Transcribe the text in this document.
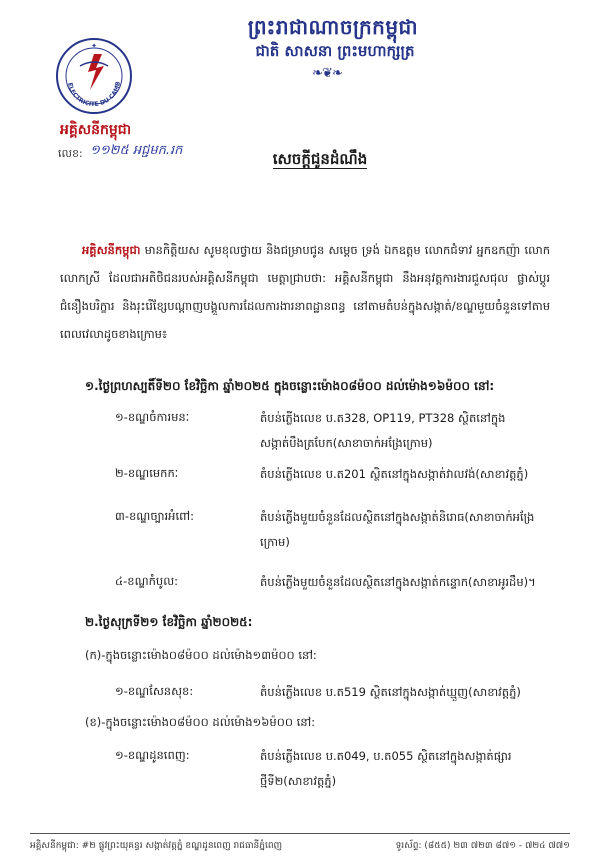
ព្រះរាជាណាចក្រកម្ពុជា
ជាតិ សាសនា ព្រះមហាក្សត្រ
❧❦❧
ELECTRICITE DU CAMB
✦
អគ្គិសនីកម្ពុជា
លេខ: ១១២៥ អជ្ជមក.រក	សេចក្តីជូនដំណឹង
អគ្គិសនីកម្ពុជា មានកិត្តិយស សូមខុលថ្វាយ និងជម្រាបជូន សម្តេច ទ្រង់ ឯកឧត្តម លោកជំទាវ អ្នកឧកញ៉ា លោក លោកស្រី ដែលជាអតិថិជនរបស់អគ្គិសនីកម្ពុជា មេត្តាជ្រាបថា: អគ្គិសនីកម្ពុជា នឹងអនុវត្តការងារជួសជុល ផ្លាស់ប្តូរជំនឿងបរិក្ខារ និងរុះរើខ្សែបណ្តាញបង្គួលការដែលការងារនាពដ្ឋានពន្ធ នៅតាមតំបន់ក្នុងសង្កាត់/ខណ្ឌមួយចំនួនទៅតាមពេលវេលាដូចខាងក្រោម៖
១.ថ្ងៃព្រហស្បតិ៍ទី២០ ខែវិច្ឆិកា ឆ្នាំ២០២៥ ក្នុងចន្លោះម៉ោង០៨ម៉០០ ដល់ម៉ោង១៦ម៉០០ នៅ:
១-ខណ្ឌចំការមនៈ	តំបន់ភ្លើងលេខ ប.ត328, OP119, PT328 ស្ថិតនៅក្នុងសង្កាត់បឹងត្របែក(សាខាចាក់អង្រែក្រោម)
២-ខណ្ឌមេកកៈ	តំបន់ភ្លើងលេខ ប.ត201 ស្ថិតនៅក្នុងសង្កាត់វាលវង់(សាខាវត្តភ្នំ)
៣-ខណ្ឌច្បារអំពៅ:	តំបន់ភ្លើងមួយចំនួនដែលស្ថិតនៅក្នុងសង្កាត់និរោធ(សាខាចាក់អង្រែក្រោម)
៤-ខណ្ឌកំបូល:	តំបន់ភ្លើងមួយចំនួនដែលស្ថិតនៅក្នុងសង្កាត់កន្ទោក(សាខាអូរដឹម)។
២.ថ្ងៃសុក្រទី២១ ខែវិច្ឆិកា ឆ្នាំ២០២៥:
(ក)-ក្នុងចន្លោះម៉ោង០៨ម៉០០ ដល់ម៉ោង១៣ម៉០០ នៅ:
១-ខណ្ឌសែនសុខ:	តំបន់ភ្លើងលេខ ប.ត519 ស្ថិតនៅក្នុងសង្កាត់ឃ្មួញ(សាខាវត្តភ្នំ)
(ខ)-ក្នុងចន្លោះម៉ោង០៨ម៉០០ ដល់ម៉ោង១៦ម៉០០ នៅ:
១-ខណ្ឌដូនពេញ:	តំបន់ភ្លើងលេខ ប.ត049, ប.ត055 ស្ថិតនៅក្នុងសង្កាត់ផ្សារថ្មីទី២(សាខាវត្តភ្នំ)
អគ្គិសនីកម្ពុជា: #២ ផ្លូវព្រះយុគន្ធរ សង្កាត់វត្តភ្នំ ខណ្ឌដូនពេញ រាជធានីភ្នំពេញ	ទូរស័ព្ទ: (៨៥៥) ២៣ ៧២៣ ៨៧១ - ៧២៤ ៧៧១
